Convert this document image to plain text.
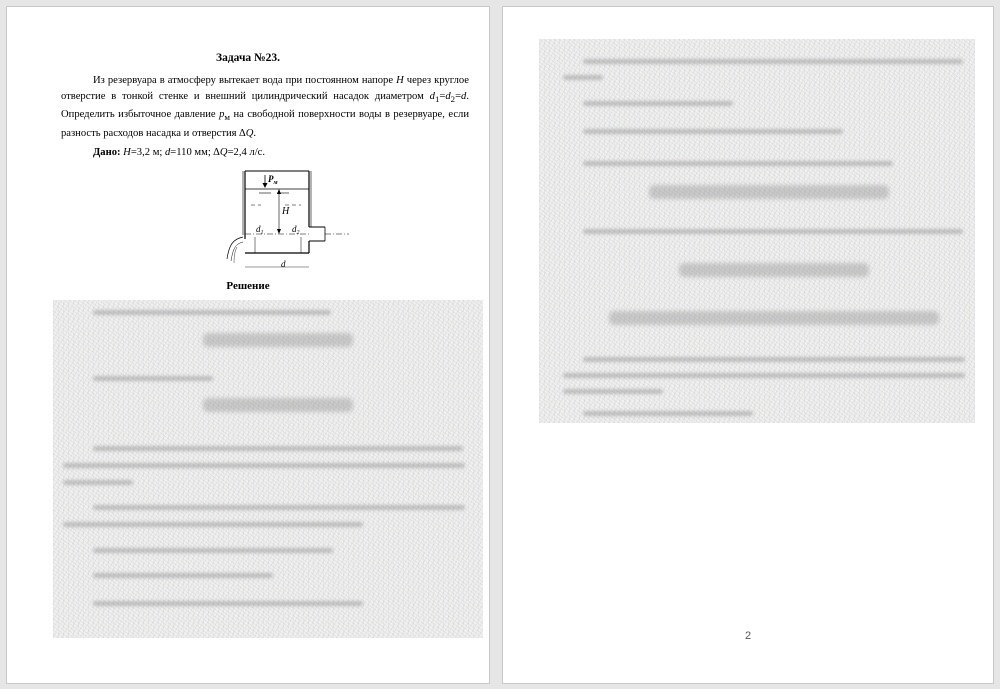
Задача №23.

Из резервуара в атмосферу вытекает вода при постоянном напоре H через круглое отверстие в тонкой стенке и внешний цилиндрический насадок диаметром $d_1=d_2=d$. Определить избыточное давление $p_м$ на свободной поверхности воды в резервуаре, если разность расходов насадка и отверстия ∆Q.

Дано: H=3,2 м; d=110 мм; ∆Q=2,4 л/с.
$P_м$
H
$d_1$	$d_2$
d
Решение
2
